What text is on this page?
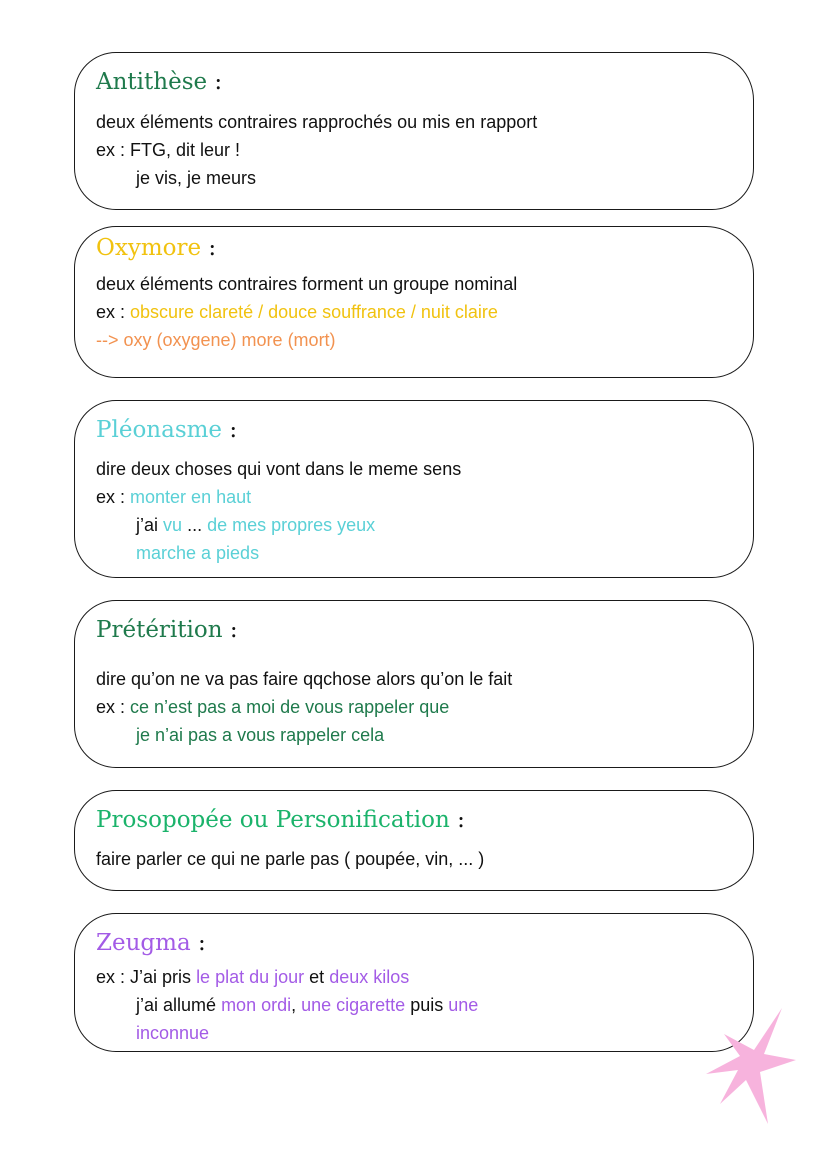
Antithèse :
deux éléments contraires rapprochés ou mis en rapport
ex : FTG, dit leur !
je vis, je meurs
Oxymore :
deux éléments contraires forment un groupe nominal
ex : obscure clareté / douce souffrance / nuit claire
--> oxy (oxygene) more (mort)
Pléonasme :
dire deux choses qui vont dans le meme sens
ex : monter en haut
j’ai vu ... de mes propres yeux
marche a pieds
Prétérition :
dire qu’on ne va pas faire qqchose alors qu’on le fait
ex : ce n’est pas a moi de vous rappeler que
je n’ai pas a vous rappeler cela
Prosopopée ou Personification :
faire parler ce qui ne parle pas ( poupée, vin, ... )
Zeugma :
ex : J’ai pris le plat du jour et deux kilos
j’ai allumé mon ordi, une cigarette puis une
inconnue
